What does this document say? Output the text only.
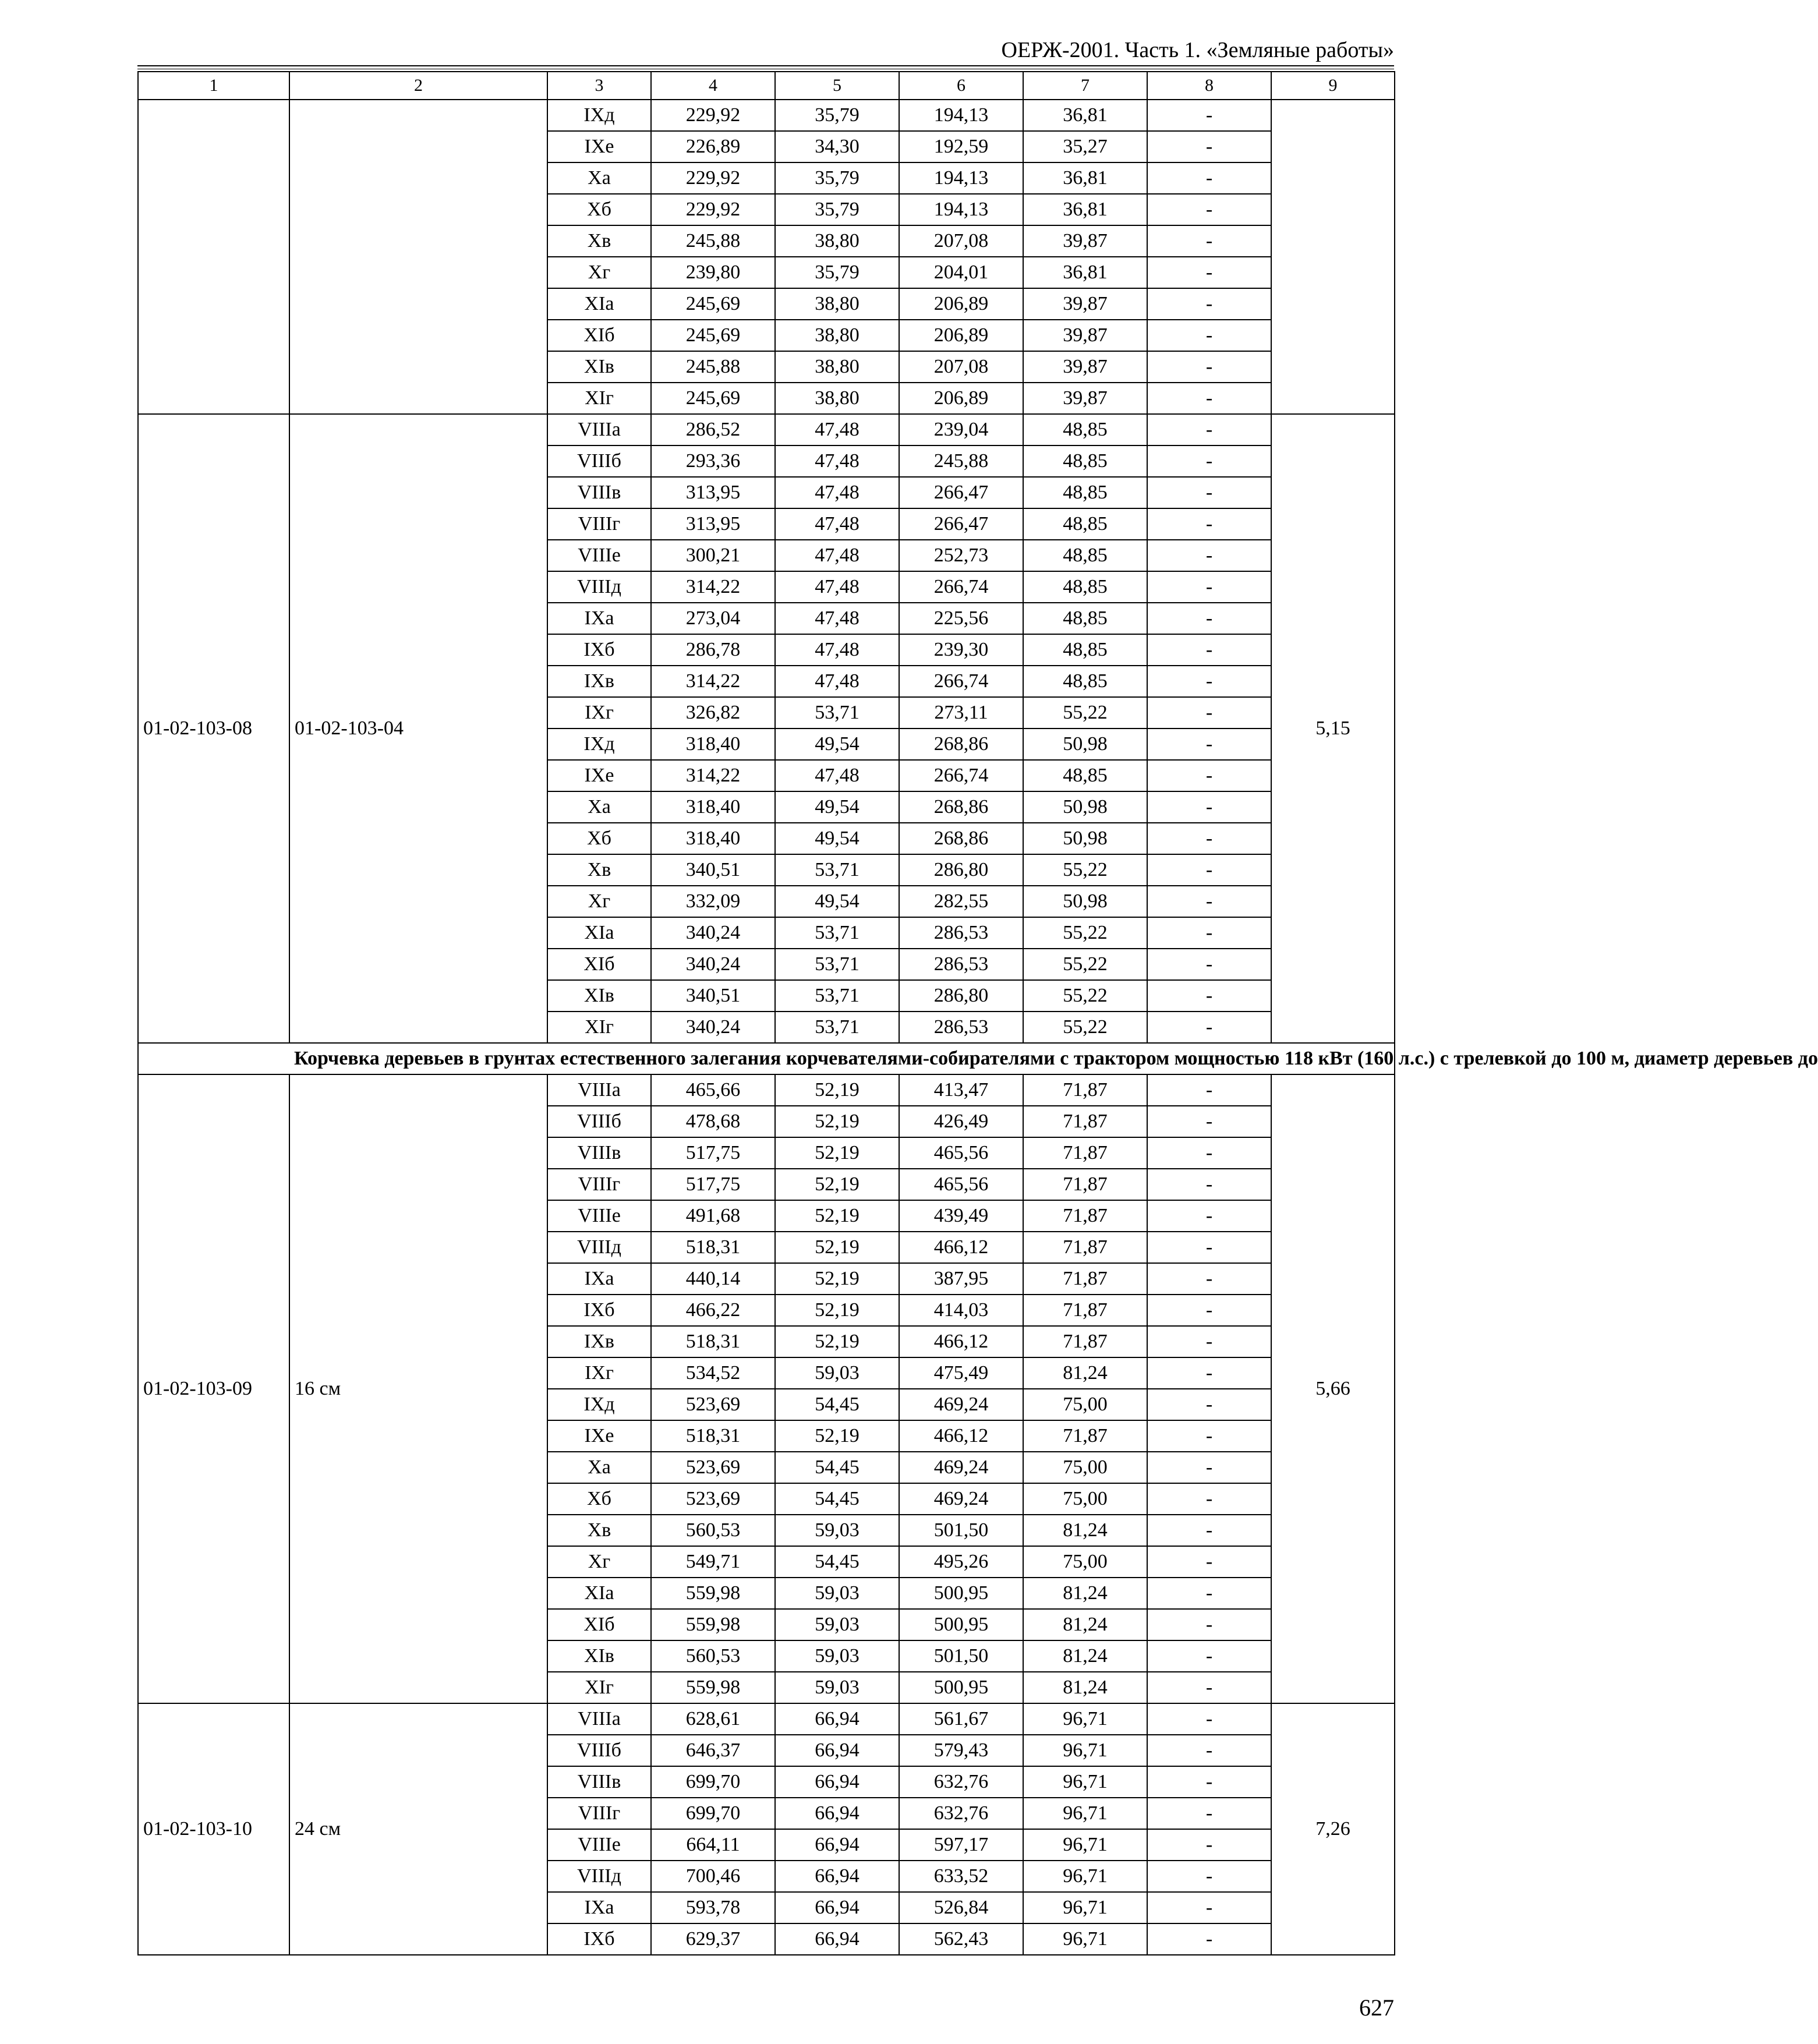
ОЕРЖ-2001. Часть 1. «Земляные работы»
1	2	3	4	5	6	7	8	9
		IXд	229,92	35,79	194,13	36,81	-	
		IXе	226,89	34,30	192,59	35,27	-	
		Xа	229,92	35,79	194,13	36,81	-	
		Xб	229,92	35,79	194,13	36,81	-	
		Xв	245,88	38,80	207,08	39,87	-	
		Xг	239,80	35,79	204,01	36,81	-	
		XIа	245,69	38,80	206,89	39,87	-	
		XIб	245,69	38,80	206,89	39,87	-	
		XIв	245,88	38,80	207,08	39,87	-	
		XIг	245,69	38,80	206,89	39,87	-	
01-02-103-08	01-02-103-04	VIIIа	286,52	47,48	239,04	48,85	-	5,15
		VIIIб	293,36	47,48	245,88	48,85	-	
		VIIIв	313,95	47,48	266,47	48,85	-	
		VIIIг	313,95	47,48	266,47	48,85	-	
		VIIIе	300,21	47,48	252,73	48,85	-	
		VIIIд	314,22	47,48	266,74	48,85	-	
		IXа	273,04	47,48	225,56	48,85	-	
		IXб	286,78	47,48	239,30	48,85	-	
		IXв	314,22	47,48	266,74	48,85	-	
		IXг	326,82	53,71	273,11	55,22	-	
		IXд	318,40	49,54	268,86	50,98	-	
		IXе	314,22	47,48	266,74	48,85	-	
		Xа	318,40	49,54	268,86	50,98	-	
		Xб	318,40	49,54	268,86	50,98	-	
		Xв	340,51	53,71	286,80	55,22	-	
		Xг	332,09	49,54	282,55	50,98	-	
		XIа	340,24	53,71	286,53	55,22	-	
		XIб	340,24	53,71	286,53	55,22	-	
		XIв	340,51	53,71	286,80	55,22	-	
		XIг	340,24	53,71	286,53	55,22	-	
	Корчевка деревьев в грунтах естественного залегания корчевателями-собирателями с трактором мощностью 118 кВт (160 л.с.) с трелевкой до 100 м, диаметр деревьев до							
01-02-103-09	16 см	VIIIа	465,66	52,19	413,47	71,87	-	5,66
		VIIIб	478,68	52,19	426,49	71,87	-	
		VIIIв	517,75	52,19	465,56	71,87	-	
		VIIIг	517,75	52,19	465,56	71,87	-	
		VIIIе	491,68	52,19	439,49	71,87	-	
		VIIIд	518,31	52,19	466,12	71,87	-	
		IXа	440,14	52,19	387,95	71,87	-	
		IXб	466,22	52,19	414,03	71,87	-	
		IXв	518,31	52,19	466,12	71,87	-	
		IXг	534,52	59,03	475,49	81,24	-	
		IXд	523,69	54,45	469,24	75,00	-	
		IXе	518,31	52,19	466,12	71,87	-	
		Xа	523,69	54,45	469,24	75,00	-	
		Xб	523,69	54,45	469,24	75,00	-	
		Xв	560,53	59,03	501,50	81,24	-	
		Xг	549,71	54,45	495,26	75,00	-	
		XIа	559,98	59,03	500,95	81,24	-	
		XIб	559,98	59,03	500,95	81,24	-	
		XIв	560,53	59,03	501,50	81,24	-	
		XIг	559,98	59,03	500,95	81,24	-	
01-02-103-10	24 см	VIIIа	628,61	66,94	561,67	96,71	-	7,26
		VIIIб	646,37	66,94	579,43	96,71	-	
		VIIIв	699,70	66,94	632,76	96,71	-	
		VIIIг	699,70	66,94	632,76	96,71	-	
		VIIIе	664,11	66,94	597,17	96,71	-	
		VIIIд	700,46	66,94	633,52	96,71	-	
		IXа	593,78	66,94	526,84	96,71	-	
		IXб	629,37	66,94	562,43	96,71	-	
627
